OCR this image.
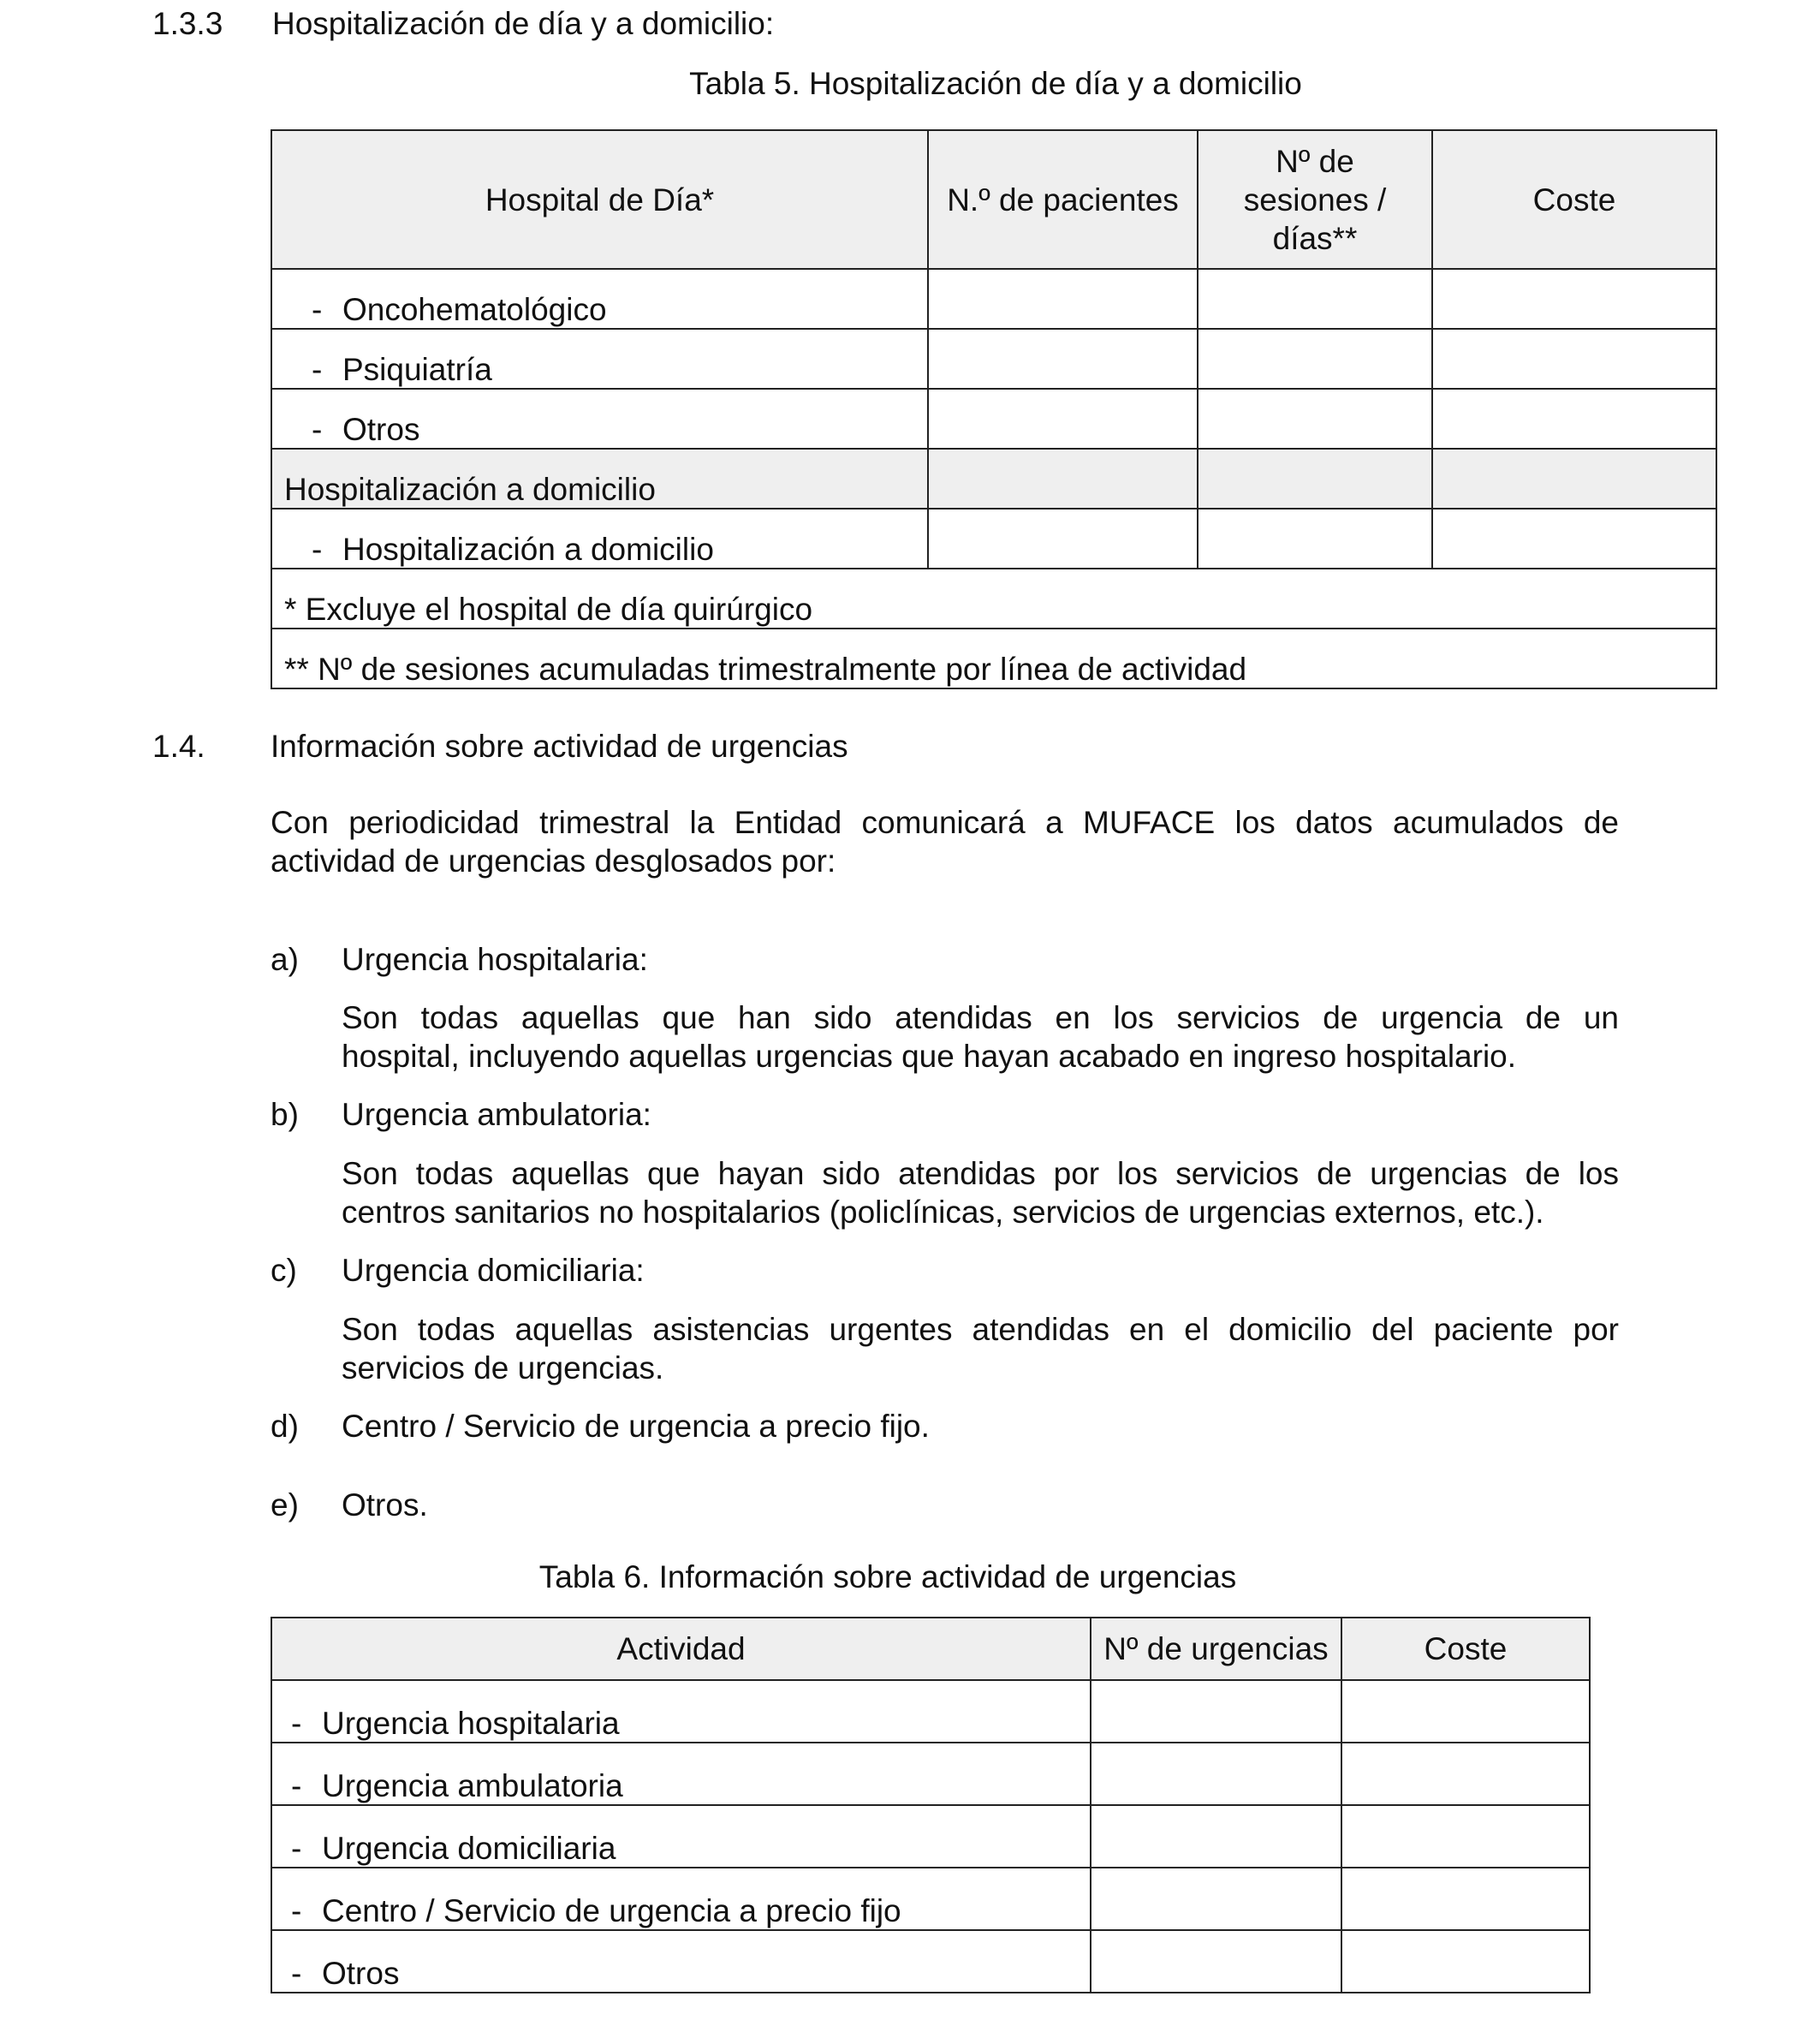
1.3.3 Hospitalización de día y a domicilio:
Tabla 5. Hospitalización de día y a domicilio
Hospital de Día*	N.º de pacientes	Nº de
sesiones /
días**	Coste
- Oncohematológico			
- Psiquiatría			
- Otros			
Hospitalización a domicilio			
- Hospitalización a domicilio			
* Excluye el hospital de día quirúrgico			
** Nº de sesiones acumuladas trimestralmente por línea de actividad			
1.4. Información sobre actividad de urgencias
Con periodicidad trimestral la Entidad comunicará a MUFACE los datos acumulados de
actividad de urgencias desglosados por:
a) Urgencia hospitalaria:
Son todas aquellas que han sido atendidas en los servicios de urgencia de un
hospital, incluyendo aquellas urgencias que hayan acabado en ingreso hospitalario.
b) Urgencia ambulatoria:
Son todas aquellas que hayan sido atendidas por los servicios de urgencias de los
centros sanitarios no hospitalarios (policlínicas, servicios de urgencias externos, etc.).
c) Urgencia domiciliaria:
Son todas aquellas asistencias urgentes atendidas en el domicilio del paciente por
servicios de urgencias.
d) Centro / Servicio de urgencia a precio fijo.
e) Otros.
Tabla 6. Información sobre actividad de urgencias
Actividad	Nº de urgencias	Coste
- Urgencia hospitalaria		
- Urgencia ambulatoria		
- Urgencia domiciliaria		
- Centro / Servicio de urgencia a precio fijo		
- Otros		
